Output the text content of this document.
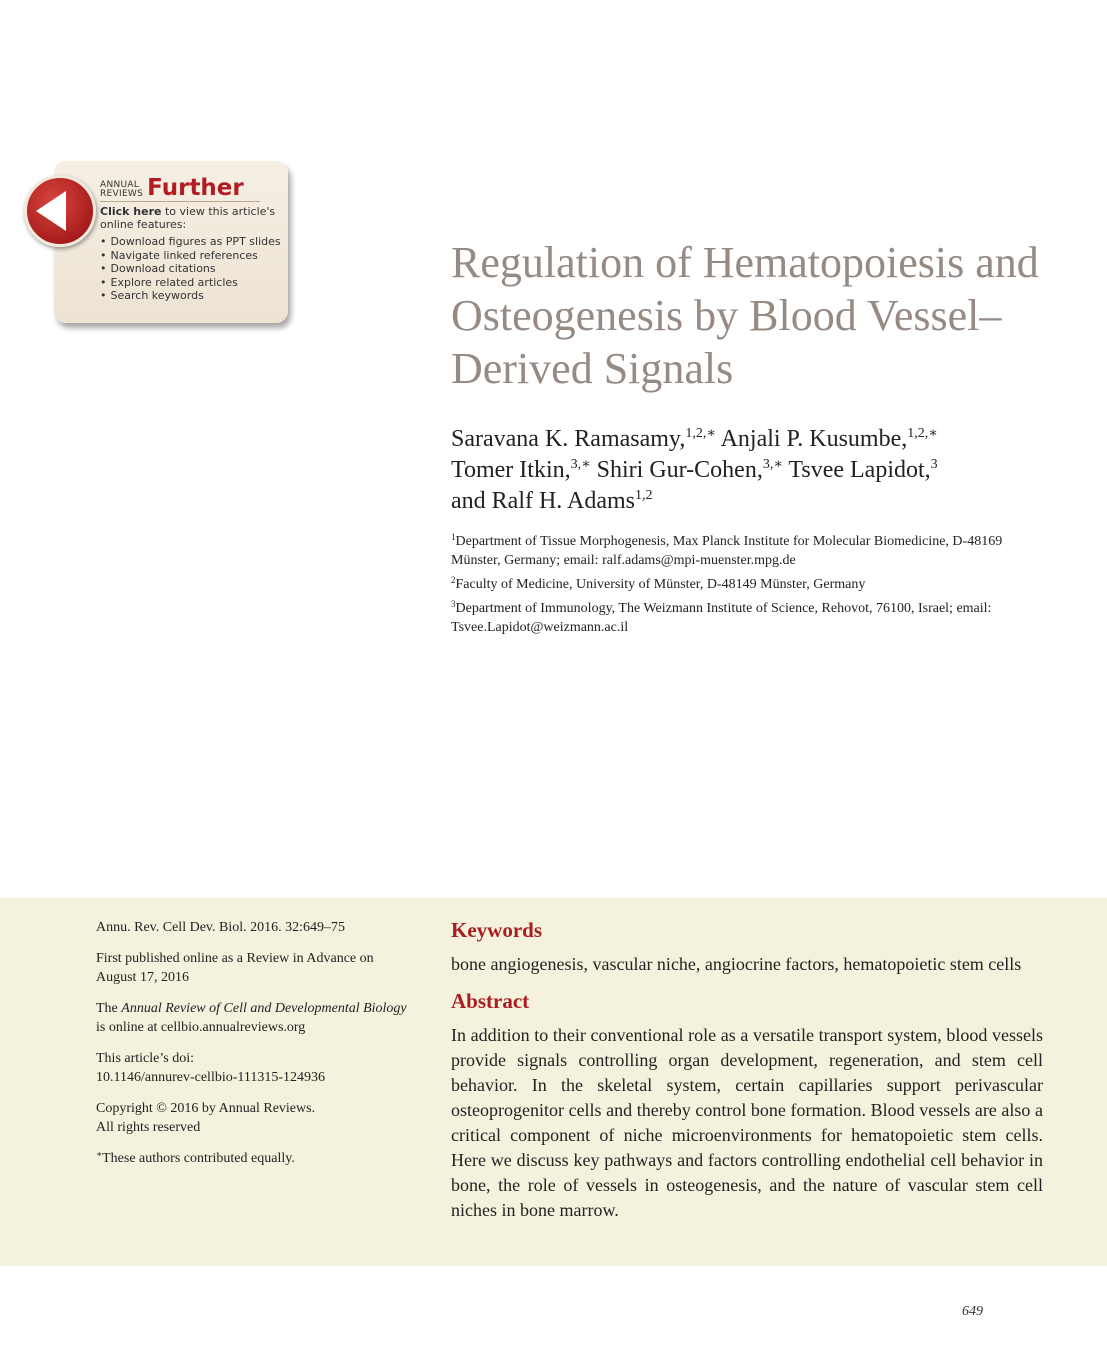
ANNUAL
REVIEWS Further
Click here to view this article's online features:
• Download figures as PPT slides
• Navigate linked references
• Download citations
• Explore related articles
• Search keywords
Regulation of Hematopoiesis and Osteogenesis by Blood Vessel–Derived Signals
Saravana K. Ramasamy,$^{1,2,∗}$ Anjali P. Kusumbe,$^{1,2,∗}$
Tomer Itkin,$^{3,∗}$ Shiri Gur-Cohen,$^{3,∗}$ Tsvee Lapidot,$^3$
and Ralf H. Adams$^{1,2}$
$^1$Department of Tissue Morphogenesis, Max Planck Institute for Molecular Biomedicine, D-48169 Münster, Germany; email: ralf.adams@mpi-muenster.mpg.de
$^2$Faculty of Medicine, University of Münster, D-48149 Münster, Germany
$^3$Department of Immunology, The Weizmann Institute of Science, Rehovot, 76100, Israel; email: Tsvee.Lapidot@weizmann.ac.il

Annu. Rev. Cell Dev. Biol. 2016. 32:649–75

First published online as a Review in Advance on August 17, 2016

The Annual Review of Cell and Developmental Biology is online at cellbio.annualreviews.org

This article’s doi:
10.1146/annurev-cellbio-111315-124936

Copyright © 2016 by Annual Reviews.
All rights reserved

∗These authors contributed equally.

Keywords

bone angiogenesis, vascular niche, angiocrine factors, hematopoietic stem cells

Abstract

In addition to their conventional role as a versatile transport system, blood vessels provide signals controlling organ development, regeneration, and stem cell behavior. In the skeletal system, certain capillaries support perivascular osteoprogenitor cells and thereby control bone formation. Blood vessels are also a critical component of niche microenvironments for hematopoietic stem cells. Here we discuss key pathways and factors controlling endothelial cell behavior in bone, the role of vessels in osteogenesis, and the nature of vascular stem cell niches in bone marrow.

649
